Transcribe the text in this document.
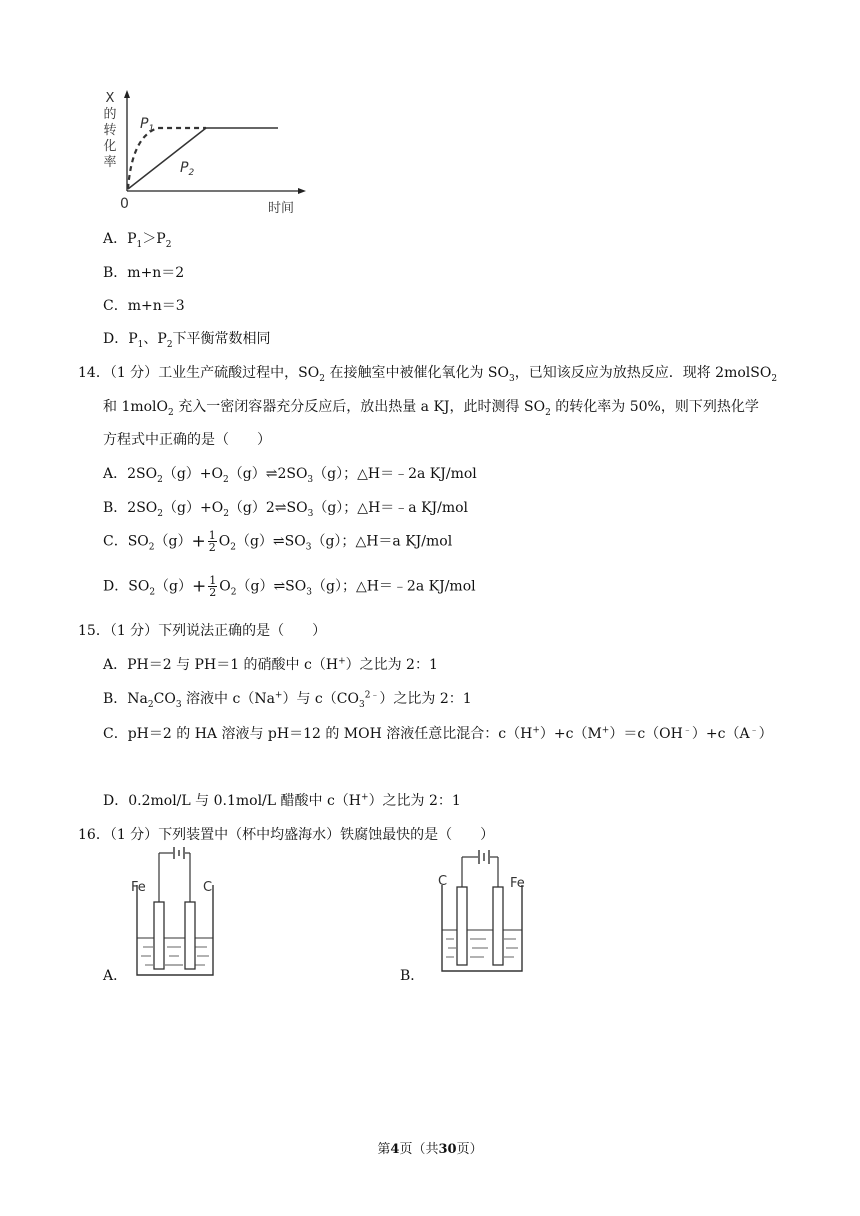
X
的
转
化
率
$P_1$
$P_2$
0	时间
A．$P_1>P_2$
B．m+n＝2
C．m+n＝3
D．$P_1$、$P_2$下平衡常数相同
14．（1 分）工业生产硫酸过程中，$SO_2$ 在接触室中被催化氧化为 $SO_3$，已知该反应为放热反应．现将 2molSO$_2$
和 1molO$_2$ 充入一密闭容器充分反应后，放出热量 a KJ，此时测得 $SO_2$ 的转化率为 50%，则下列热化学
方程式中正确的是（　　）
A．$2SO_2(g)+O_2(g)\rightleftharpoons 2SO_3(g)$；△H＝﹣2a KJ/mol
B．$2SO_2(g)+O_2(g)2\rightleftharpoons SO_3(g)$；△H＝﹣a KJ/mol
C．$SO_2(g)+ \frac{1}{2}$ $O_2(g)\rightleftharpoons SO_3(g)$；△H＝a KJ/mol
D．$SO_2(g)+ \frac{1}{2}$ $O_2(g)\rightleftharpoons SO_3(g)$；△H＝﹣2a KJ/mol
15．（1 分）下列说法正确的是（　　）
A．PH＝2 与 PH＝1 的硝酸中 c（H+）之比为 2：1
B．$Na_2CO_3$ 溶液中 c（Na+）与 $c(CO_3^{2﹣})$之比为 2：1
C．pH＝2 的 HA 溶液与 pH＝12 的 MOH 溶液任意比混合：c（H+）+c（M+）＝c（OH﹣）+c（A﹣）
D．0.2mol/L 与 0.1mol/L 醋酸中 c（H+）之比为 2：1
16．（1 分）下列装置中（杯中均盛海水）铁腐蚀最快的是（　　）
Fe	C
A．
C	Fe
B．
第4页（共30页）
